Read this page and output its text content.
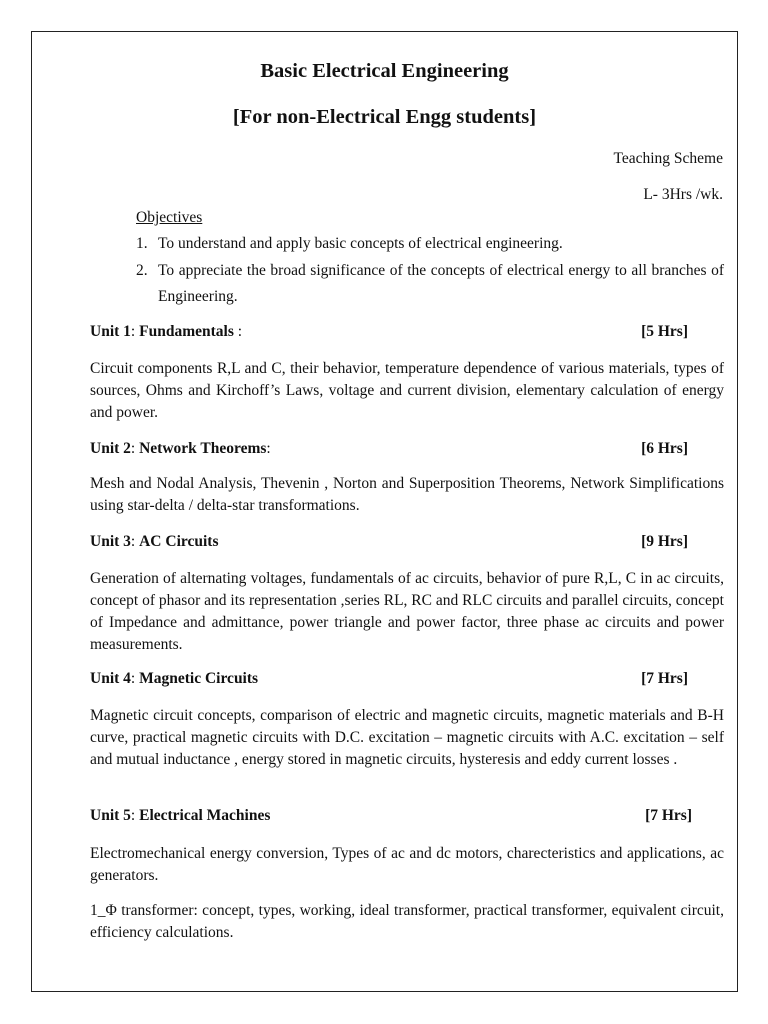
Basic Electrical Engineering
[For non-Electrical Engg students]
Teaching Scheme
L- 3Hrs /wk.
Objectives
1. To understand and apply basic concepts of electrical engineering.
2. To appreciate the broad significance of the concepts of electrical energy to all branches of Engineering.
Unit 1: Fundamentals :	[5 Hrs]
Circuit components R,L and C, their behavior, temperature dependence of various materials, types of sources, Ohms and Kirchoff’s Laws, voltage and current division, elementary calculation of energy and power.
Unit 2: Network Theorems:	[6 Hrs]
Mesh and Nodal Analysis, Thevenin , Norton and Superposition Theorems, Network Simplifications using star-delta / delta-star transformations.
Unit 3: AC Circuits	[9 Hrs]
Generation of alternating voltages, fundamentals of ac circuits, behavior of pure R,L, C in ac circuits, concept of phasor and its representation ,series RL, RC and RLC circuits and parallel circuits, concept of Impedance and admittance, power triangle and power factor, three phase ac circuits and power measurements.
Unit 4: Magnetic Circuits	[7 Hrs]
Magnetic circuit concepts, comparison of electric and magnetic circuits, magnetic materials and B-H curve, practical magnetic circuits with D.C. excitation – magnetic circuits with A.C. excitation – self and mutual inductance , energy stored in magnetic circuits, hysteresis and eddy current losses .
Unit 5: Electrical Machines	[7 Hrs]
Electromechanical energy conversion, Types of ac and dc motors, charecteristics and applications, ac generators.
1_Φ transformer: concept, types, working, ideal transformer, practical transformer, equivalent circuit, efficiency calculations.
